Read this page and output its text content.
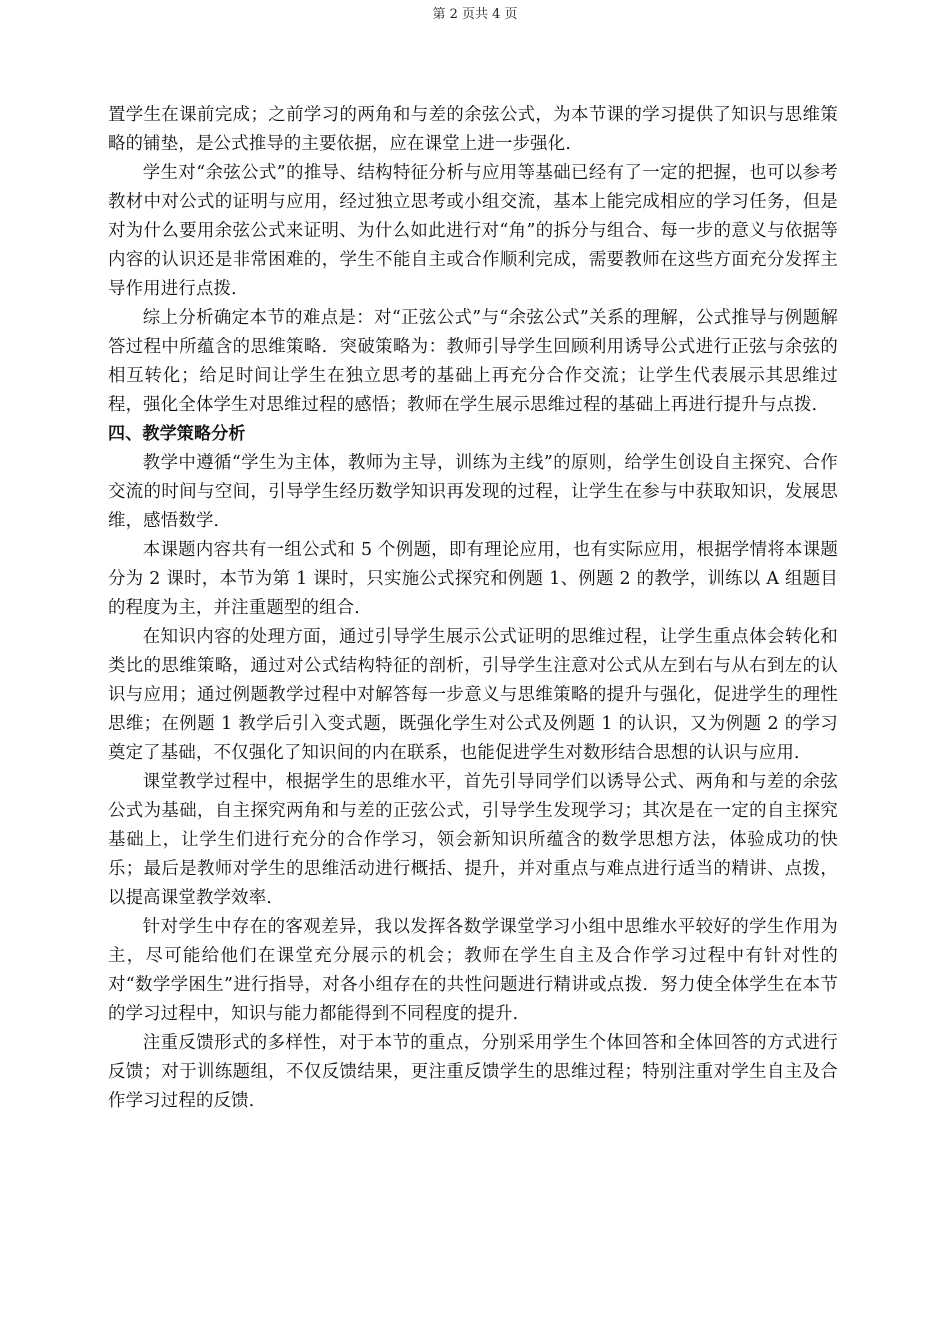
第 2 页共 4 页

置学生在课前完成；之前学习的两角和与差的余弦公式，为本节课的学习提供了知识与思维策略的铺垫，是公式推导的主要依据，应在课堂上进一步强化．

学生对“余弦公式”的推导、结构特征分析与应用等基础已经有了一定的把握，也可以参考教材中对公式的证明与应用，经过独立思考或小组交流，基本上能完成相应的学习任务，但是对为什么要用余弦公式来证明、为什么如此进行对“角”的拆分与组合、每一步的意义与依据等内容的认识还是非常困难的，学生不能自主或合作顺利完成，需要教师在这些方面充分发挥主导作用进行点拨．

综上分析确定本节的难点是：对“正弦公式”与“余弦公式”关系的理解，公式推导与例题解答过程中所蕴含的思维策略．突破策略为：教师引导学生回顾利用诱导公式进行正弦与余弦的相互转化；给足时间让学生在独立思考的基础上再充分合作交流；让学生代表展示其思维过程，强化全体学生对思维过程的感悟；教师在学生展示思维过程的基础上再进行提升与点拨．

四、教学策略分析

教学中遵循“学生为主体，教师为主导，训练为主线”的原则，给学生创设自主探究、合作交流的时间与空间，引导学生经历数学知识再发现的过程，让学生在参与中获取知识，发展思维，感悟数学．

本课题内容共有一组公式和 5 个例题，即有理论应用，也有实际应用，根据学情将本课题分为 2 课时，本节为第 1 课时，只实施公式探究和例题 1、例题 2 的教学，训练以 A 组题目的程度为主，并注重题型的组合．

在知识内容的处理方面，通过引导学生展示公式证明的思维过程，让学生重点体会转化和类比的思维策略，通过对公式结构特征的剖析，引导学生注意对公式从左到右与从右到左的认识与应用；通过例题教学过程中对解答每一步意义与思维策略的提升与强化，促进学生的理性思维；在例题 1 教学后引入变式题，既强化学生对公式及例题 1 的认识，又为例题 2 的学习奠定了基础，不仅强化了知识间的内在联系，也能促进学生对数形结合思想的认识与应用．

课堂教学过程中，根据学生的思维水平，首先引导同学们以诱导公式、两角和与差的余弦公式为基础，自主探究两角和与差的正弦公式，引导学生发现学习；其次是在一定的自主探究基础上，让学生们进行充分的合作学习，领会新知识所蕴含的数学思想方法，体验成功的快乐；最后是教师对学生的思维活动进行概括、提升，并对重点与难点进行适当的精讲、点拨，以提高课堂教学效率．

针对学生中存在的客观差异，我以发挥各数学课堂学习小组中思维水平较好的学生作用为主，尽可能给他们在课堂充分展示的机会；教师在学生自主及合作学习过程中有针对性的对“数学学困生”进行指导，对各小组存在的共性问题进行精讲或点拨．努力使全体学生在本节的学习过程中，知识与能力都能得到不同程度的提升．

注重反馈形式的多样性，对于本节的重点，分别采用学生个体回答和全体回答的方式进行反馈；对于训练题组，不仅反馈结果，更注重反馈学生的思维过程；特别注重对学生自主及合作学习过程的反馈．
